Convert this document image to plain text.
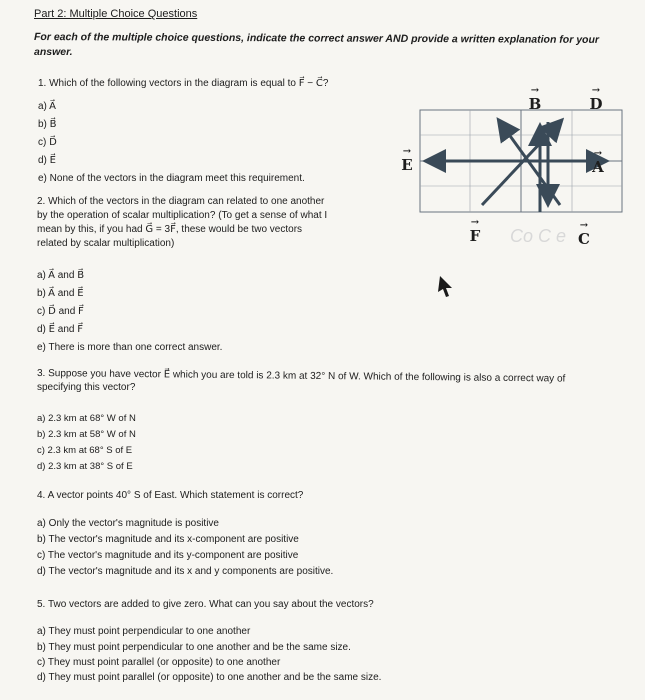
Part 2: Multiple Choice Questions
For each of the multiple choice questions, indicate the correct answer AND provide a written explanation for your
answer.
1. Which of the following vectors in the diagram is equal to F⃗ − C⃗?
a) A⃗
b) B⃗
c) D⃗
d) E⃗
e) None of the vectors in the diagram meet this requirement.
2. Which of the vectors in the diagram can related to one another
by the operation of scalar multiplication? (To get a sense of what I
mean by this, if you had G⃗ = 3F⃗, these would be two vectors
related by scalar multiplication)
a) A⃗ and B⃗
b) A⃗ and E⃗
c) D⃗ and F⃗
d) E⃗ and F⃗
e) There is more than one correct answer.
3. Suppose you have vector E⃗ which you are told is 2.3 km at 32° N of W. Which of the following is also a correct way of
specifying this vector?
a) 2.3 km at 68° W of N
b) 2.3 km at 58° W of N
c) 2.3 km at 68° S of E
d) 2.3 km at 38° S of E
4. A vector points 40° S of East. Which statement is correct?
a) Only the vector's magnitude is positive
b) The vector's magnitude and its x-component are positive
c) The vector's magnitude and its y-component are positive
d) The vector's magnitude and its x and y components are positive.
5. Two vectors are added to give zero. What can you say about the vectors?
a) They must point perpendicular to one another
b) They must point perpendicular to one another and be the same size.
c) They must point parallel (or opposite) to one another
d) They must point parallel (or opposite) to one another and be the same size.
→
B
→
D
→
E
→
A
→
F
→
C
Co C e
